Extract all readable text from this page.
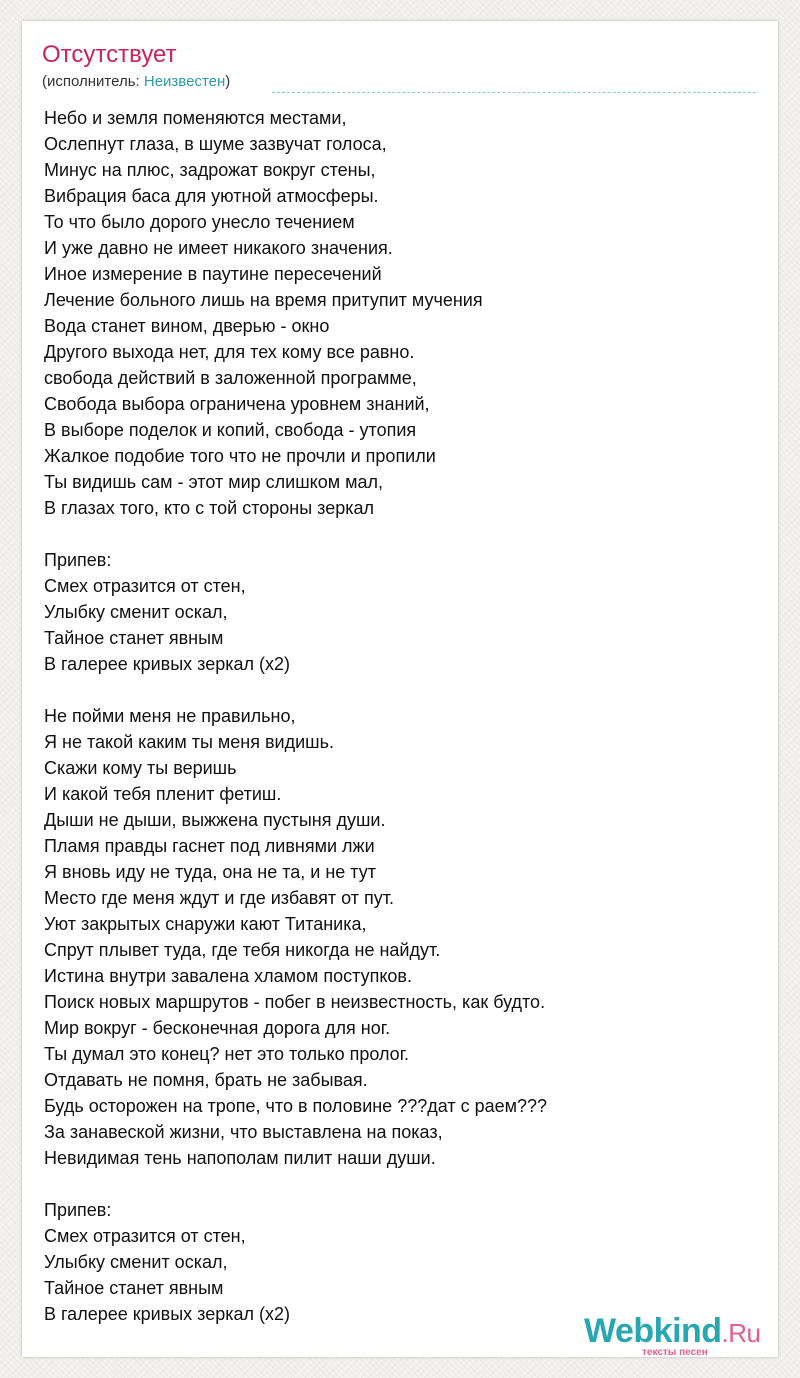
Отсутствует
(исполнитель: Неизвестен)
Небо и земля поменяются местами,
Ослепнут глаза, в шуме зазвучат голоса,
Минус на плюс, задрожат вокруг стены,
Вибрация баса для уютной атмосферы.
То что было дорого унесло течением
И уже давно не имеет никакого значения.
Иное измерение в паутине пересечений
Лечение больного лишь на время притупит мучения
Вода станет вином, дверью - окно
Другого выхода нет, для тех кому все равно.
свобода действий в заложенной программе,
Свобода выбора ограничена уровнем знаний,
В выборе поделок и копий, свобода - утопия
Жалкое подобие того что не прочли и пропили
Ты видишь сам - этот мир слишком мал,
В глазах того, кто с той стороны зеркал
Припев:
Смех отразится от стен,
Улыбку сменит оскал,
Тайное станет явным
В галерее кривых зеркал (x2)
Не пойми меня не правильно,
Я не такой каким ты меня видишь.
Скажи кому ты веришь
И какой тебя пленит фетиш.
Дыши не дыши, выжжена пустыня души.
Пламя правды гаснет под ливнями лжи
Я вновь иду не туда, она не та, и не тут
Место где меня ждут и где избавят от пут.
Уют закрытых снаружи кают Титаника,
Спрут плывет туда, где тебя никогда не найдут.
Истина внутри завалена хламом поступков.
Поиск новых маршрутов - побег в неизвестность, как будто.
Мир вокруг - бесконечная дорога для ног.
Ты думал это конец? нет это только пролог.
Отдавать не помня, брать не забывая.
Будь осторожен на тропе, что в половине ???дат с раем???
За занавеской жизни, что выставлена на показ,
Невидимая тень напополам пилит наши души.
Припев:
Смех отразится от стен,
Улыбку сменит оскал,
Тайное станет явным
В галерее кривых зеркал (x2)	Webkind.Ru
тексты песен
